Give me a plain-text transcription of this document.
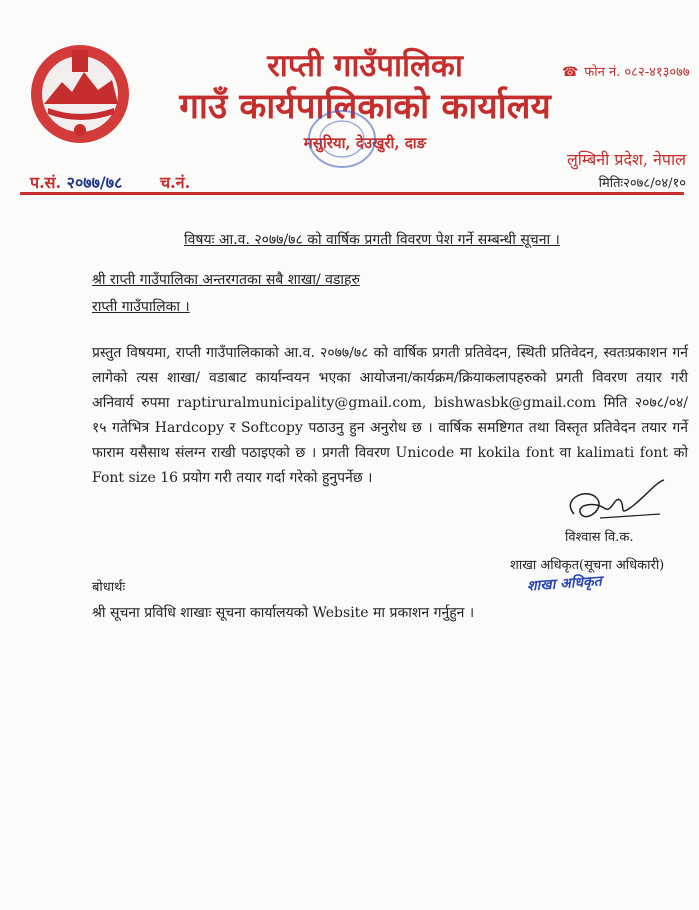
राप्ती गाउँपालिका
गाउँ कार्यपालिकाको कार्यालय
मसुरिया, देउखुरी, दाङ
☎ फोन नं. ०८२-४१३०७७
लुम्बिनी प्रदेश, नेपाल
प.सं. २०७७/७८ च.नं.	मितिः२०७८/०४/१०
विषयः आ.व. २०७७/७८ को वार्षिक प्रगती विवरण पेश गर्ने सम्बन्धी सूचना ।
श्री राप्ती गाउँपालिका अन्तरगतका सबै शाखा/ वडाहरु
राप्ती गाउँपालिका ।
प्रस्तुत विषयमा, राप्ती गाउँपालिकाको आ.व. २०७७/७८ को वार्षिक प्रगती प्रतिवेदन, स्थिती प्रतिवेदन, स्वतःप्रकाशन गर्न लागेको त्यस शाखा/ वडाबाट कार्यान्वयन भएका आयोजना/कार्यक्रम/क्रियाकलापहरुको प्रगती विवरण तयार गरी अनिवार्य रुपमा raptiruralmunicipality@gmail.com, bishwasbk@gmail.com मिति २०७८/०४/ १५ गतेभित्र Hardcopy र Softcopy पठाउनु हुन अनुरोध छ । वार्षिक समष्टिगत तथा विस्तृत प्रतिवेदन तयार गर्ने फाराम यसैसाथ संलग्न राखी पठाइएको छ । प्रगती विवरण Unicode मा kokila font वा kalimati font को Font size 16 प्रयोग गरी तयार गर्दा गरेको हुनुपर्नेछ ।
विश्वास वि.क.
शाखा अधिकृत(सूचना अधिकारी)
शाखा अधिकृत
बोधार्थः
श्री सूचना प्रविधि शाखाः सूचना कार्यालयको Website मा प्रकाशन गर्नुहुन ।
